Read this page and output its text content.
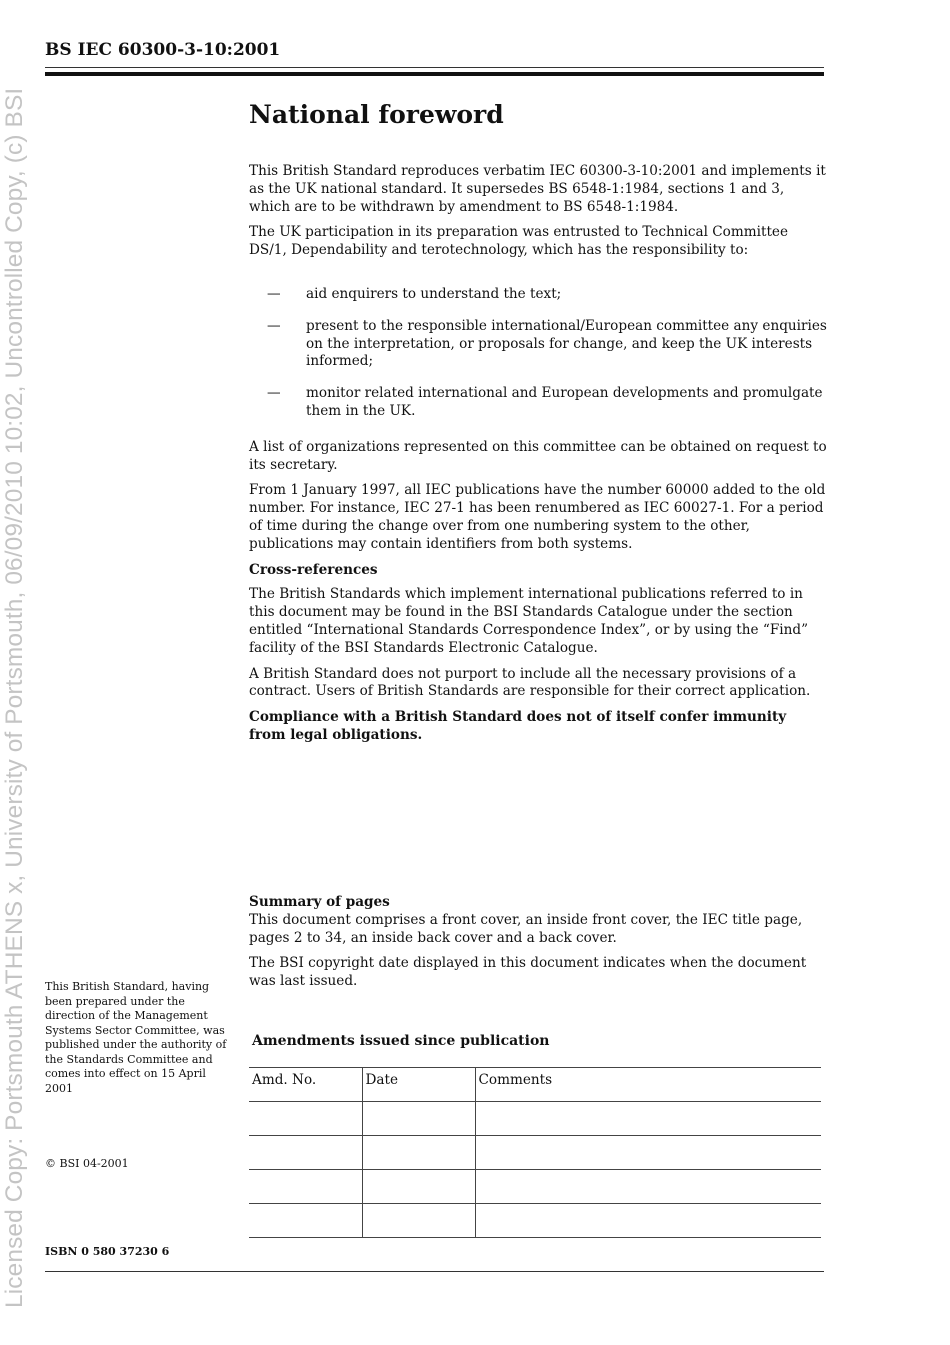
Licensed Copy: Portsmouth ATHENS x, University of Portsmouth, 06/09/2010 10:02, Uncontrolled Copy, (c) BSI
BS IEC 60300-3-10:2001
National foreword

This British Standard reproduces verbatim IEC 60300-3-10:2001 and implements it as the UK national standard. It supersedes BS 6548-1:1984, sections 1 and 3, which are to be withdrawn by amendment to BS 6548-1:1984.

The UK participation in its preparation was entrusted to Technical Committee DS/1, Dependability and terotechnology, which has the responsibility to:

— aid enquirers to understand the text;
— present to the responsible international/European committee any enquiries on the interpretation, or proposals for change, and keep the UK interests informed;
— monitor related international and European developments and promulgate them in the UK.

A list of organizations represented on this committee can be obtained on request to its secretary.

From 1 January 1997, all IEC publications have the number 60000 added to the old number. For instance, IEC 27-1 has been renumbered as IEC 60027-1. For a period of time during the change over from one numbering system to the other, publications may contain identifiers from both systems.

Cross-references

The British Standards which implement international publications referred to in this document may be found in the BSI Standards Catalogue under the section entitled “International Standards Correspondence Index”, or by using the “Find” facility of the BSI Standards Electronic Catalogue.

A British Standard does not purport to include all the necessary provisions of a contract. Users of British Standards are responsible for their correct application.

Compliance with a British Standard does not of itself confer immunity from legal obligations.

Summary of pages

This document comprises a front cover, an inside front cover, the IEC title page, pages 2 to 34, an inside back cover and a back cover.

The BSI copyright date displayed in this document indicates when the document was last issued.

This British Standard, having been prepared under the direction of the Management Systems Sector Committee, was published under the authority of the Standards Committee and comes into effect on 15 April 2001
© BSI 04-2001
ISBN 0 580 37230 6
Amendments issued since publication
Amd. No.	Date	Comments
